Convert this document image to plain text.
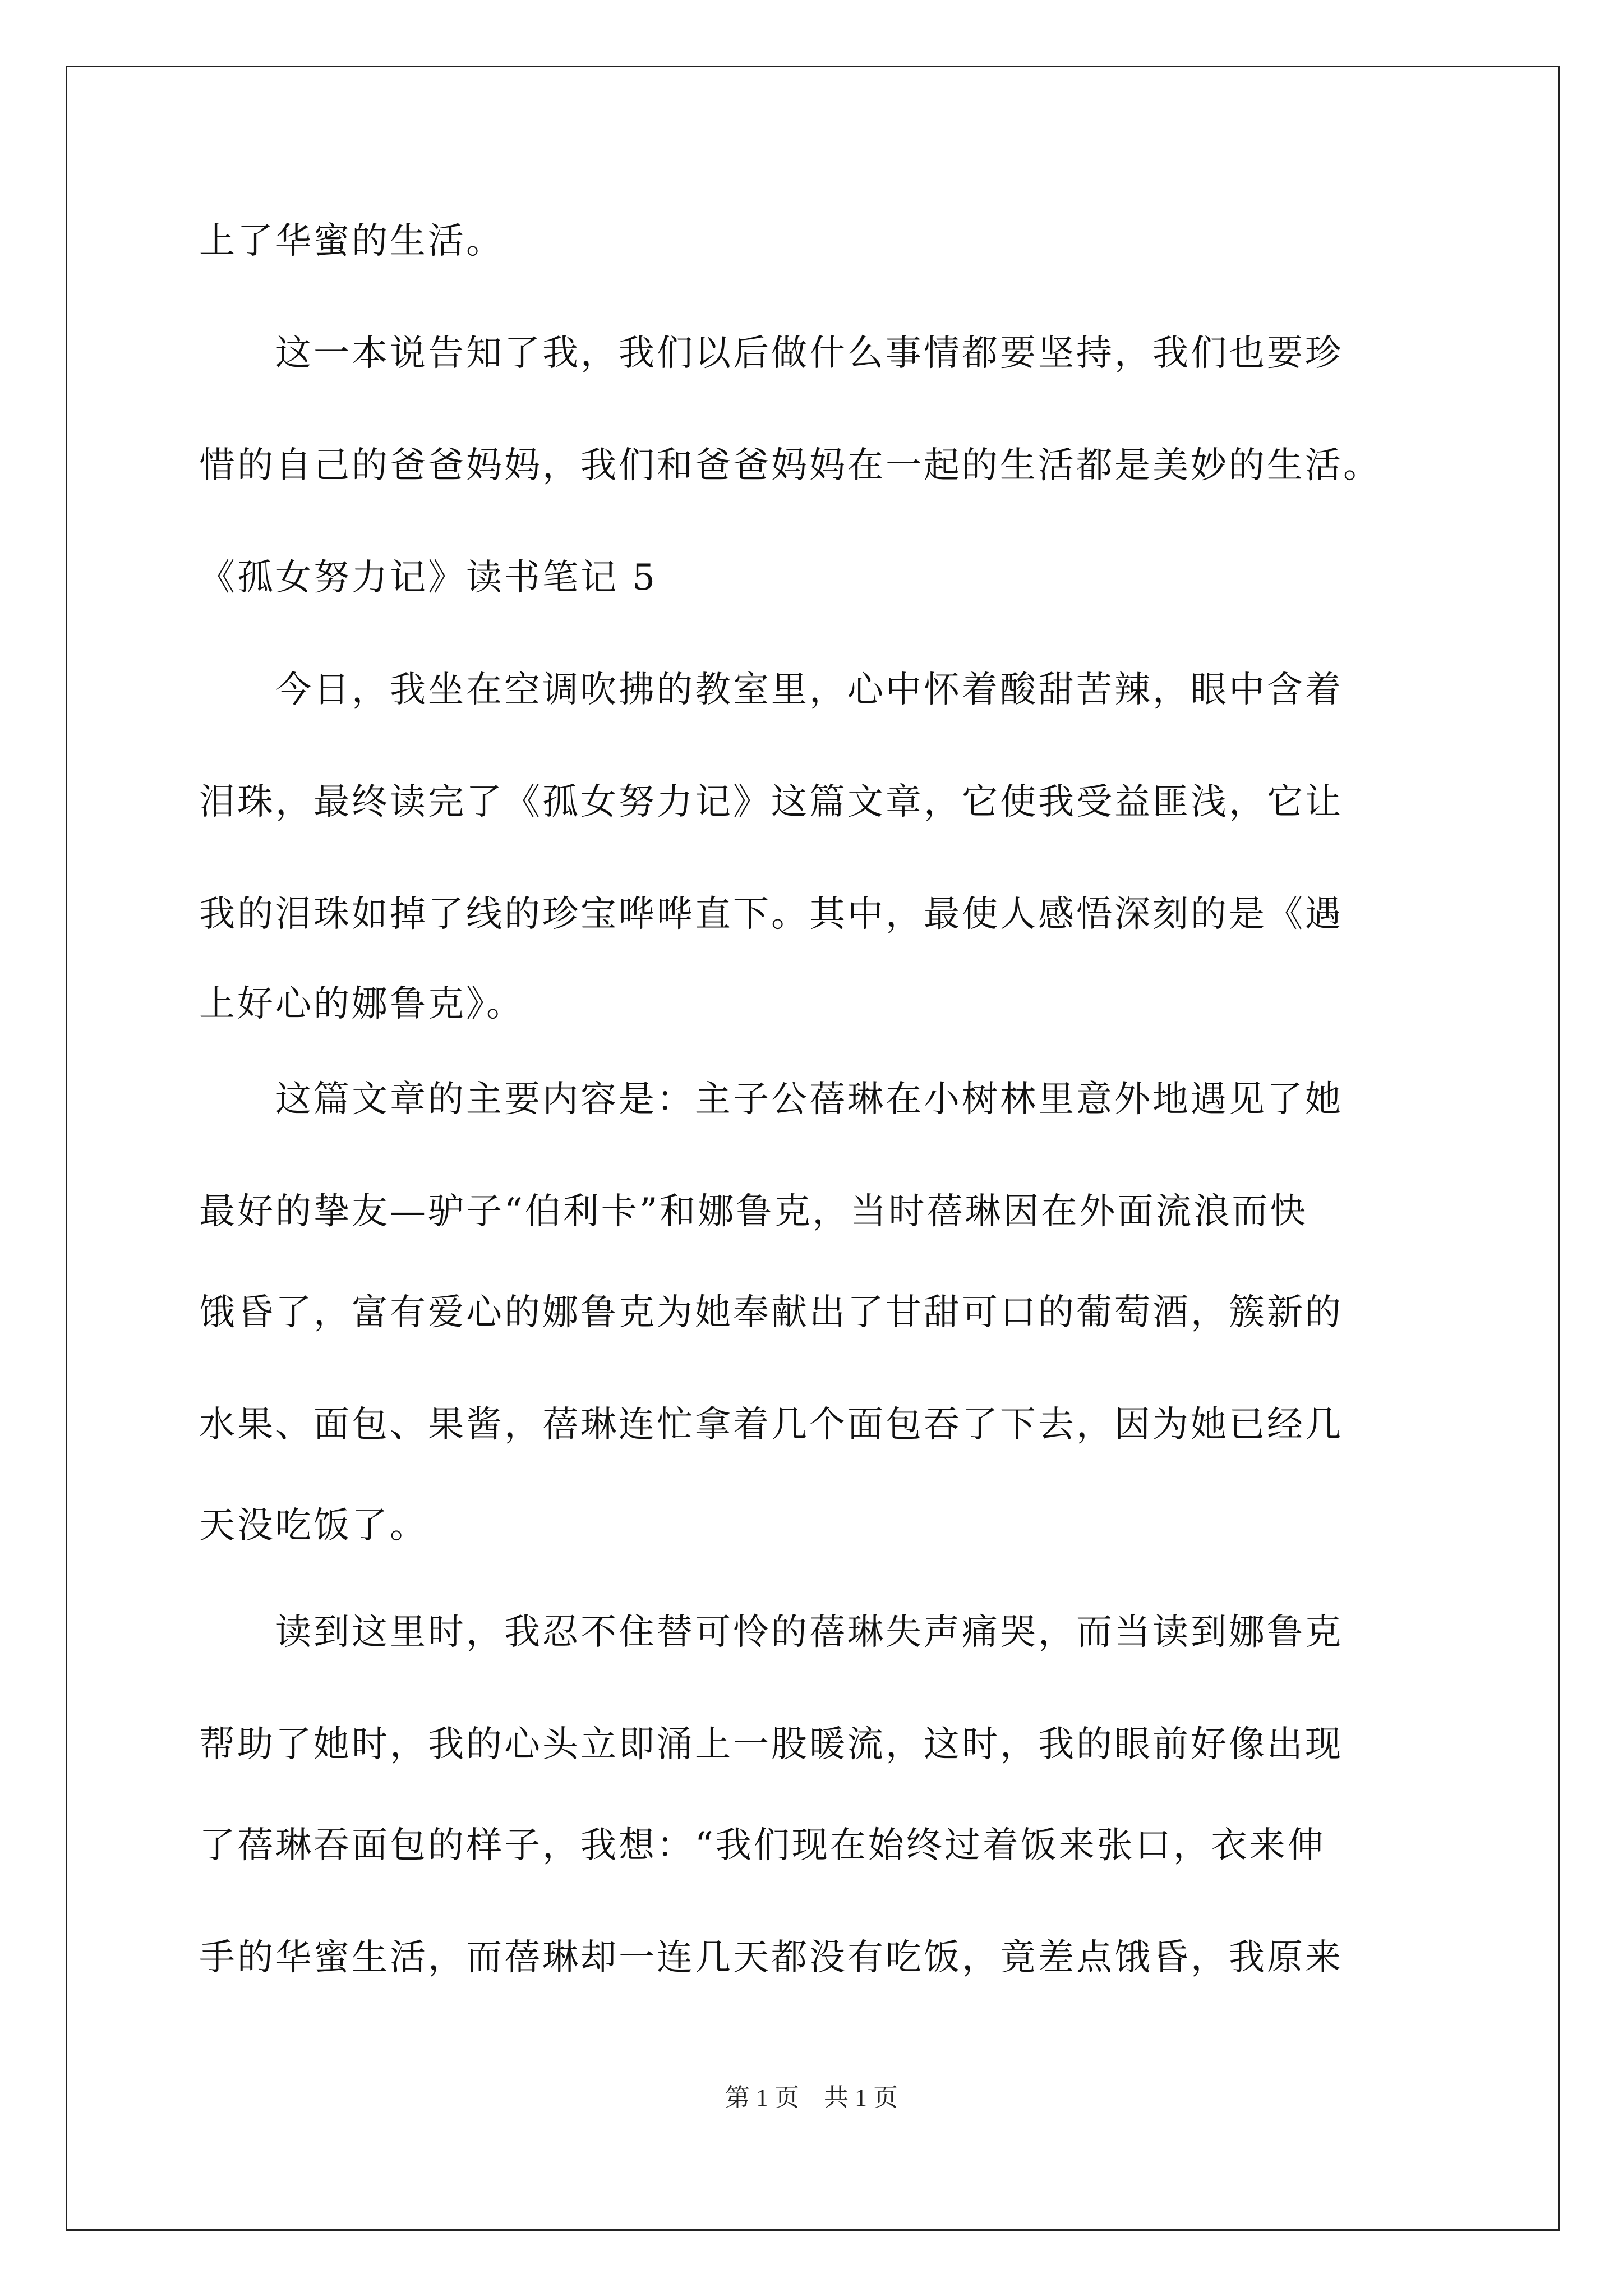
上了华蜜的生活。
　　这一本说告知了我，我们以后做什么事情都要坚持，我们也要珍
惜的自己的爸爸妈妈，我们和爸爸妈妈在一起的生活都是美妙的生活。
《孤女努力记》读书笔记 5
　　今日，我坐在空调吹拂的教室里，心中怀着酸甜苦辣，眼中含着
泪珠，最终读完了《孤女努力记》这篇文章，它使我受益匪浅，它让
我的泪珠如掉了线的珍宝哗哗直下。其中，最使人感悟深刻的是《遇
上好心的娜鲁克》。
　　这篇文章的主要内容是：主子公蓓琳在小树林里意外地遇见了她
最好的挚友—驴子“伯利卡”和娜鲁克，当时蓓琳因在外面流浪而快
饿昏了，富有爱心的娜鲁克为她奉献出了甘甜可口的葡萄酒，簇新的
水果、面包、果酱，蓓琳连忙拿着几个面包吞了下去，因为她已经几
天没吃饭了。
　　读到这里时，我忍不住替可怜的蓓琳失声痛哭，而当读到娜鲁克
帮助了她时，我的心头立即涌上一股暖流，这时，我的眼前好像出现
了蓓琳吞面包的样子，我想：“我们现在始终过着饭来张口，衣来伸
手的华蜜生活，而蓓琳却一连几天都没有吃饭，竟差点饿昏，我原来
第 1 页　共 1 页
